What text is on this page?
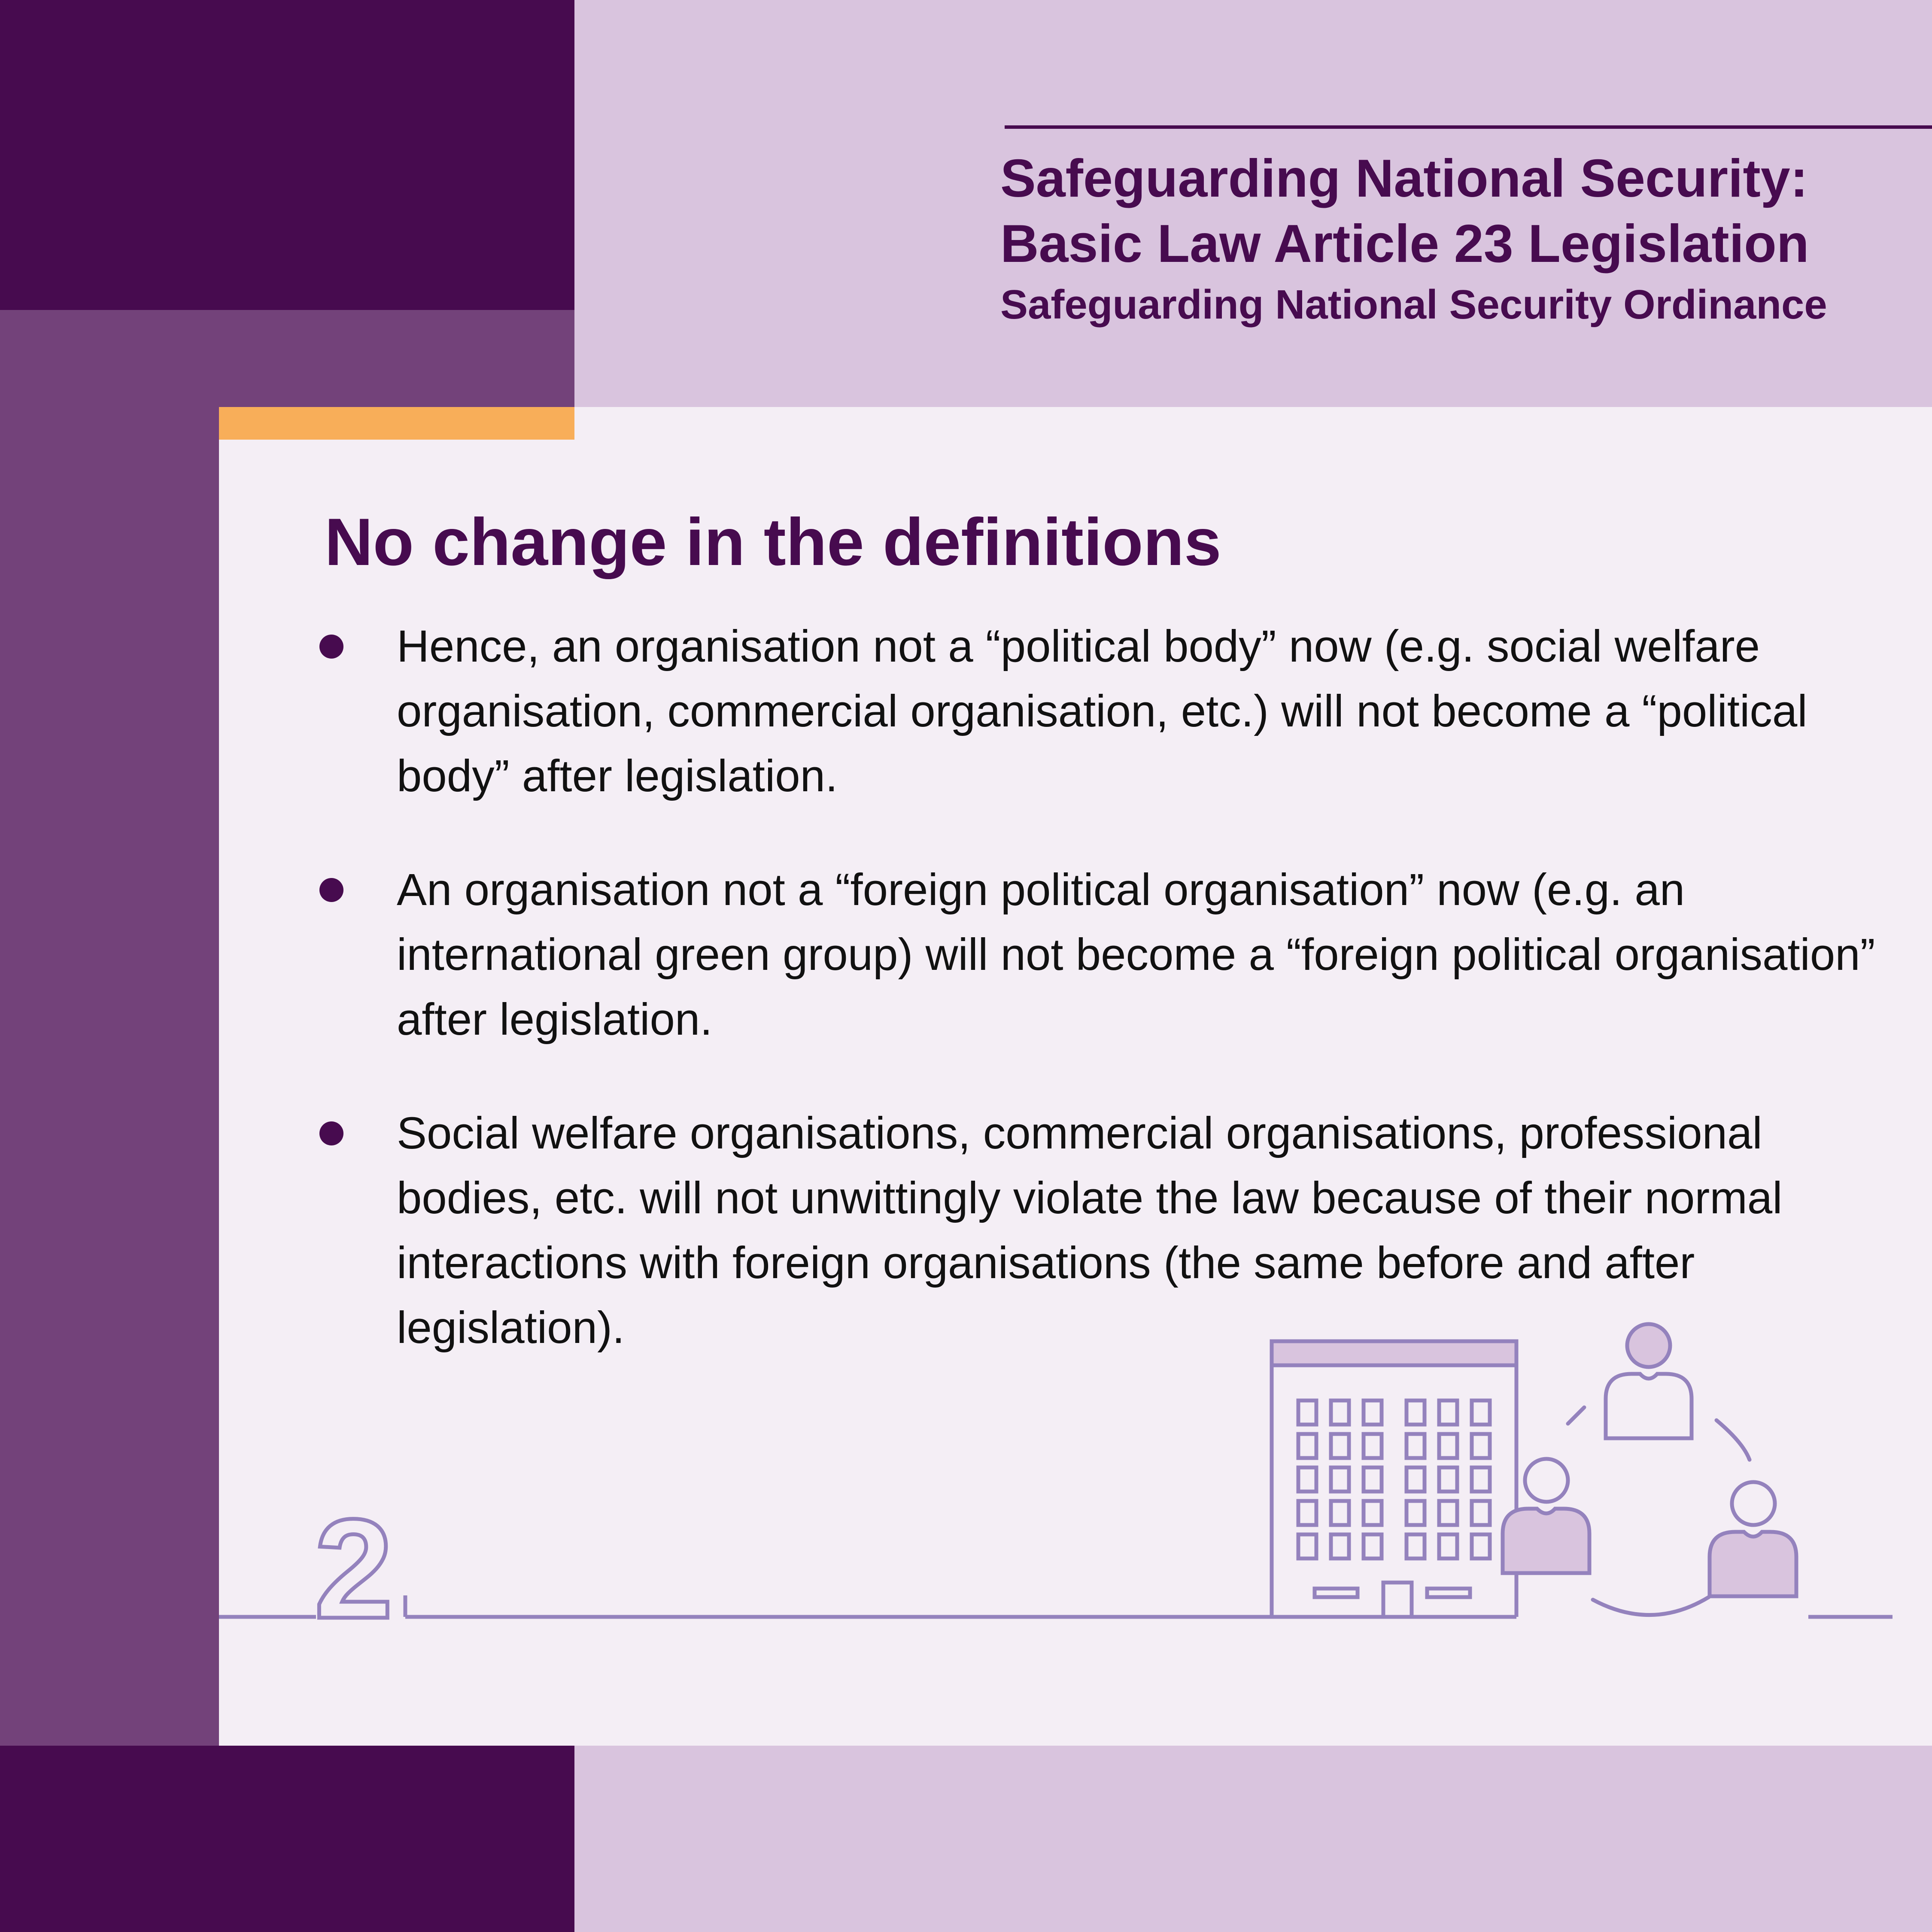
Safeguarding National Security:
Basic Law Article 23 Legislation
Safeguarding National Security Ordinance
No change in the definitions
Hence, an organisation not a “political body” now (e.g. social welfare organisation, commercial organisation, etc.) will not become a “political body” after legislation.
An organisation not a “foreign political organisation” now (e.g. an international green group) will not become a “foreign political organisation” after legislation.
Social welfare organisations, commercial organisations, professional bodies, etc. will not unwittingly violate the law because of their normal interactions with foreign organisations (the same before and after legislation).
2
